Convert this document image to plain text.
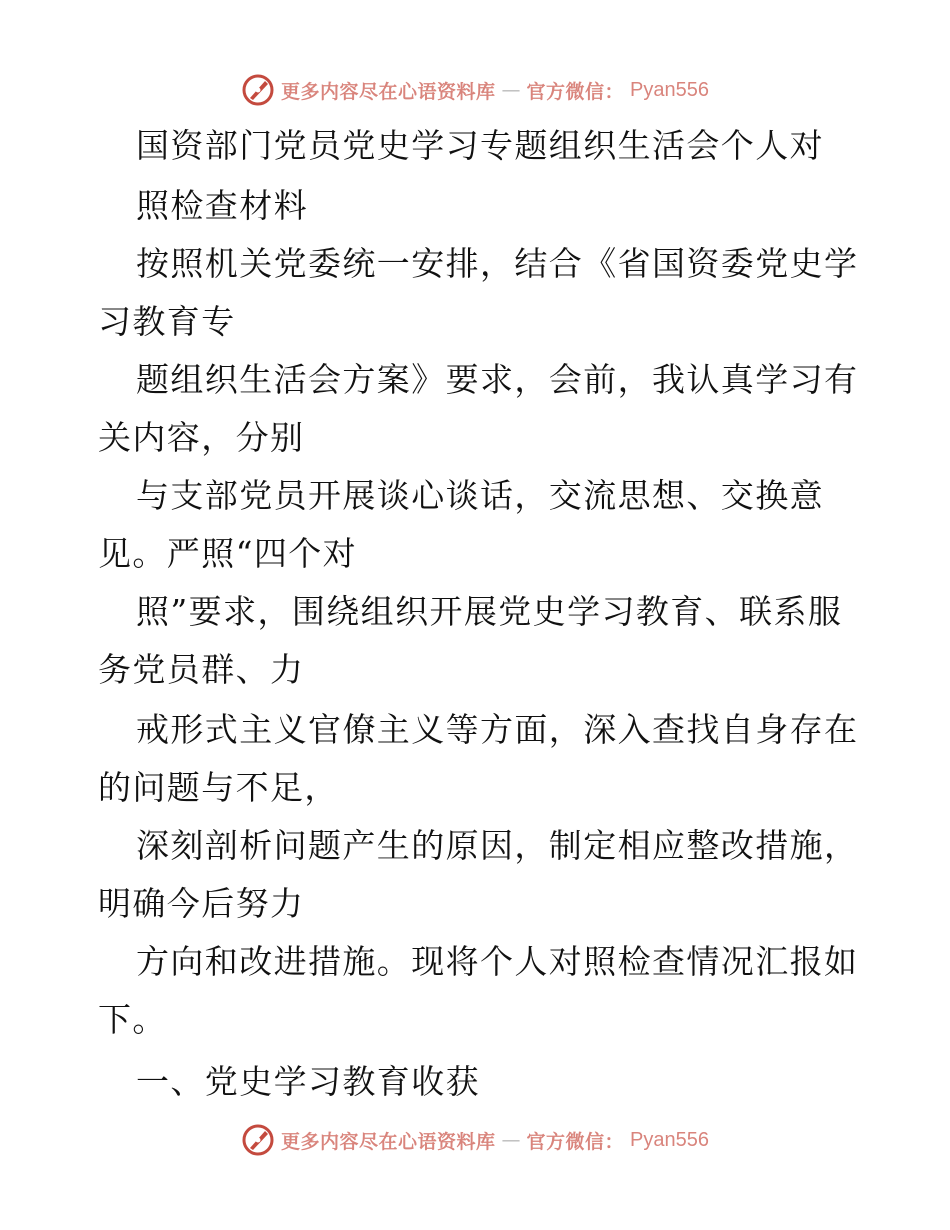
更多内容尽在心语资料库 — 官方微信： Pyan556
国资部门党员党史学习专题组织生活会个人对
照检查材料
按照机关党委统一安排，结合《省国资委党史学
习教育专
题组织生活会方案》要求，会前，我认真学习有
关内容，分别
与支部党员开展谈心谈话，交流思想、交换意
见。严照“四个对
照”要求，围绕组织开展党史学习教育、联系服
务党员群、力
戒形式主义官僚主义等方面，深入查找自身存在
的问题与不足，
深刻剖析问题产生的原因，制定相应整改措施，
明确今后努力
方向和改进措施。现将个人对照检查情况汇报如
下。
一、党史学习教育收获
更多内容尽在心语资料库 — 官方微信： Pyan556
